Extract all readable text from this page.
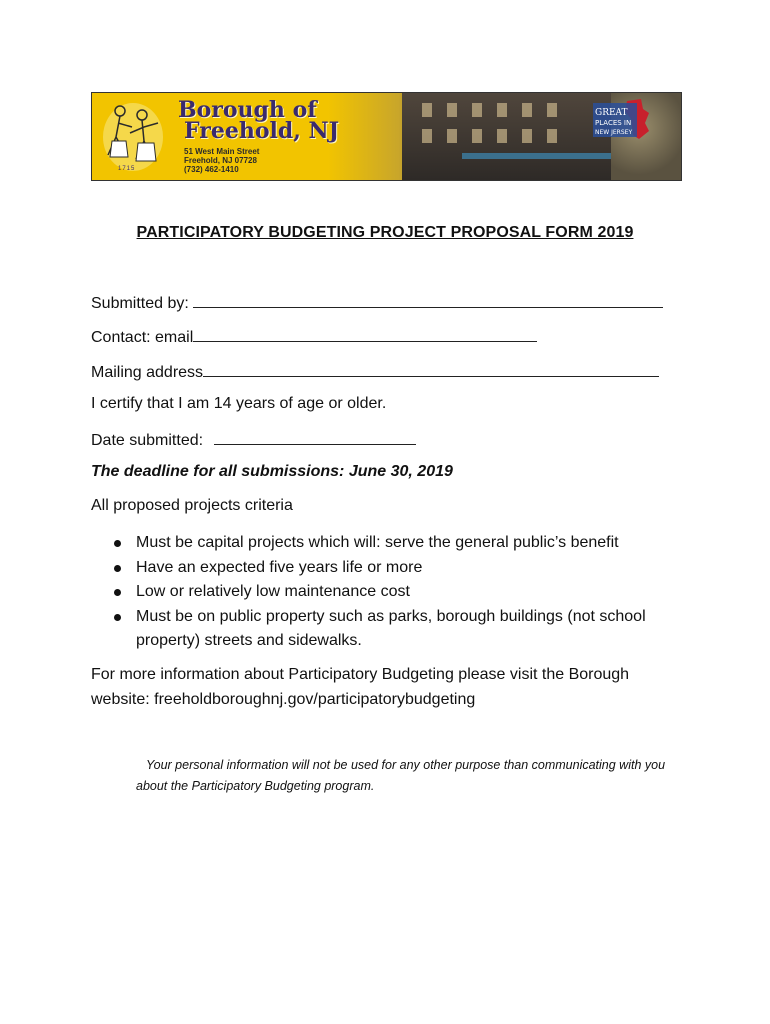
1715
Borough of
Freehold, NJ
51 West Main Street
Freehold, NJ 07728
(732) 462-1410
GREAT
PLACES IN
NEW JERSEY
PARTICIPATORY BUDGETING PROJECT PROPOSAL FORM 2019
Submitted by:
Contact: email
Mailing address
I certify that I am 14 years of age or older.
Date submitted:
The deadline for all submissions: June 30, 2019
All proposed projects criteria
Must be capital projects which will: serve the general public’s benefit
Have an expected five years life or more
Low or relatively low maintenance cost
Must be on public property such as parks, borough buildings (not school property) streets and sidewalks.
For more information about Participatory Budgeting please visit the Borough website: freeholdboroughnj.gov/participatorybudgeting
Your personal information will not be used for any other purpose than communicating with you about the Participatory Budgeting program.
